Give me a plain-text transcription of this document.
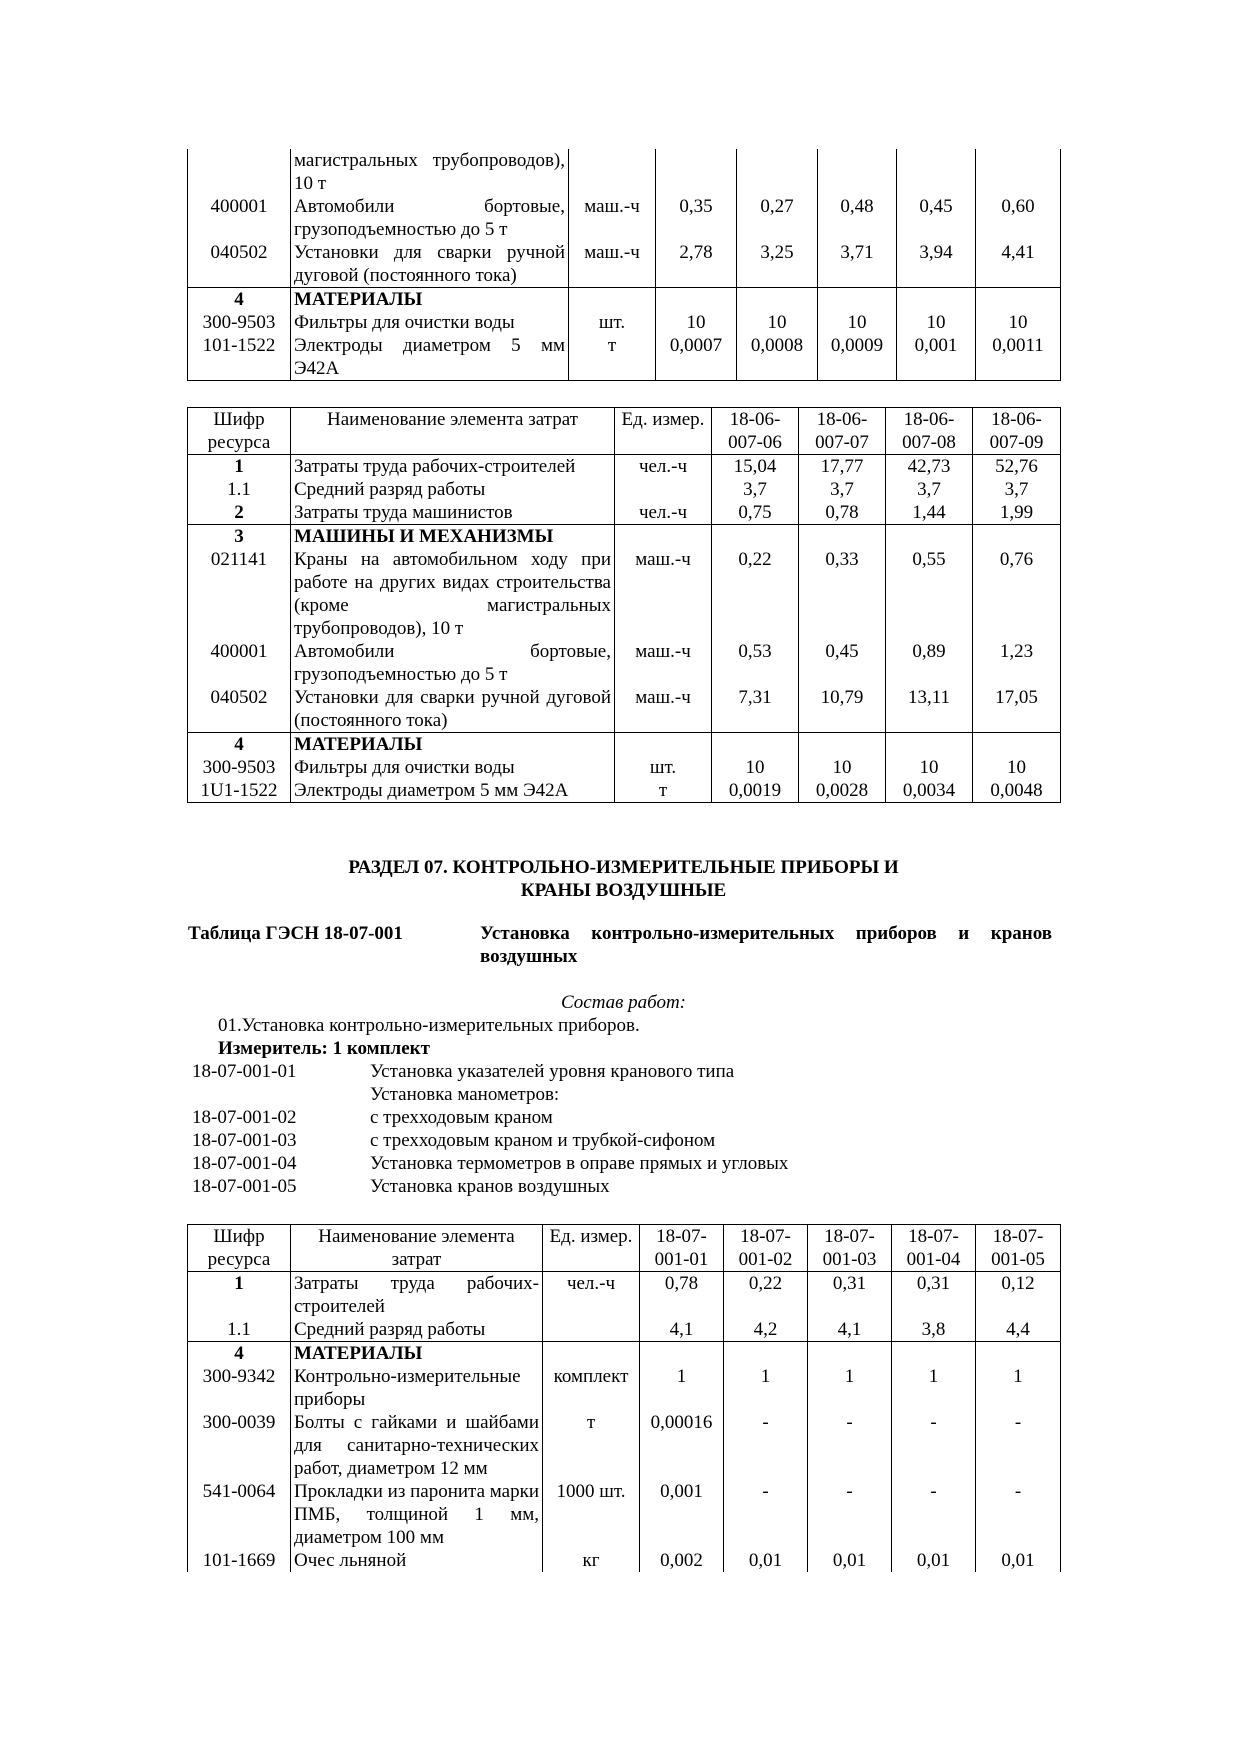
	магистральных трубопроводов), 10 т						
400001	Автомобили бортовые, грузоподъемностью до 5 т	маш.-ч	0,35	0,27	0,48	0,45	0,60
040502	Установки для сварки ручной дуговой (постоянного тока)	маш.-ч	2,78	3,25	3,71	3,94	4,41
4	МАТЕРИАЛЫ						
300-9503	Фильтры для очистки воды	шт.	10	10	10	10	10
101-1522	Электроды диаметром 5 мм Э42А	т	0,0007	0,0008	0,0009	0,001	0,0011
Шифр ресурса	Наименование элемента затрат	Ед. измер.	18-06-007-06	18-06-007-07	18-06-007-08	18-06-007-09
1	Затраты труда рабочих-строителей	чел.-ч	15,04	17,77	42,73	52,76
1.1	Средний разряд работы		3,7	3,7	3,7	3,7
2	Затраты труда машинистов	чел.-ч	0,75	0,78	1,44	1,99
3	МАШИНЫ И МЕХАНИЗМЫ					
021141	Краны на автомобильном ходу при работе на других видах строительства (кроме магистральных трубопроводов), 10 т	маш.-ч	0,22	0,33	0,55	0,76
400001	Автомобили бортовые, грузоподъемностью до 5 т	маш.-ч	0,53	0,45	0,89	1,23
040502	Установки для сварки ручной дуговой (постоянного тока)	маш.-ч	7,31	10,79	13,11	17,05
4	МАТЕРИАЛЫ					
300-9503	Фильтры для очистки воды	шт.	10	10	10	10
1U1-1522	Электроды диаметром 5 мм Э42А	т	0,0019	0,0028	0,0034	0,0048
РАЗДЕЛ 07. КОНТРОЛЬНО-ИЗМЕРИТЕЛЬНЫЕ ПРИБОРЫ И
КРАНЫ ВОЗДУШНЫЕ
Таблица ГЭСН 18-07-001	Установка контрольно-измерительных приборов и кранов воздушных
Состав работ:
01.Установка контрольно-измерительных приборов.
Измеритель: 1 комплект
18-07-001-01	Установка указателей уровня кранового типа
Установка манометров:
18-07-001-02	с трехходовым краном
18-07-001-03	с трехходовым краном и трубкой-сифоном
18-07-001-04	Установка термометров в оправе прямых и угловых
18-07-001-05	Установка кранов воздушных
Шифр ресурса	Наименование элемента затрат	Ед. измер.	18-07-001-01	18-07-001-02	18-07-001-03	18-07-001-04	18-07-001-05
1	Затраты труда рабочих-строителей	чел.-ч	0,78	0,22	0,31	0,31	0,12
1.1	Средний разряд работы		4,1	4,2	4,1	3,8	4,4
4	МАТЕРИАЛЫ						
300-9342	Контрольно-измерительные приборы	комплект	1	1	1	1	1
300-0039	Болты с гайками и шайбами для санитарно-технических работ, диаметром 12 мм	т	0,00016	-	-	-	-
541-0064	Прокладки из паронита марки ПМБ, толщиной 1 мм, диаметром 100 мм	1000 шт.	0,001	-	-	-	-
101-1669	Очес льняной	кг	0,002	0,01	0,01	0,01	0,01
